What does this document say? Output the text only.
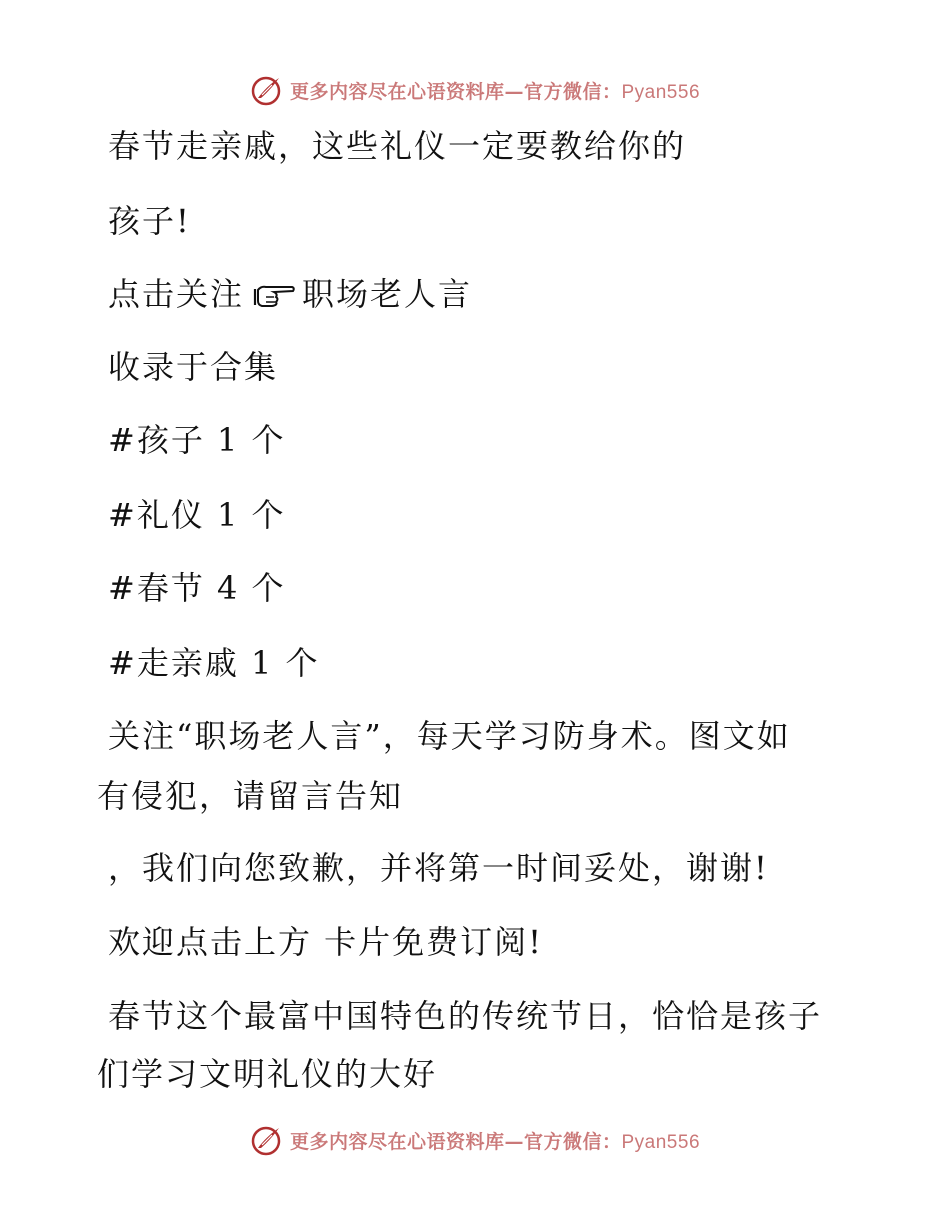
更多内容尽在心语资料库—官方微信：Pyan556

春节走亲戚，这些礼仪一定要教给你的

孩子!

点击关注 职场老人言

收录于合集

#孩子 1 个

#礼仪 1 个

#春节 4 个

#走亲戚 1 个

关注“职场老人言”，每天学习防身术。图文如

有侵犯，请留言告知

，我们向您致歉，并将第一时间妥处，谢谢!

欢迎点击上方 卡片免费订阅!

春节这个最富中国特色的传统节日，恰恰是孩子

们学习文明礼仪的大好

更多内容尽在心语资料库—官方微信：Pyan556
